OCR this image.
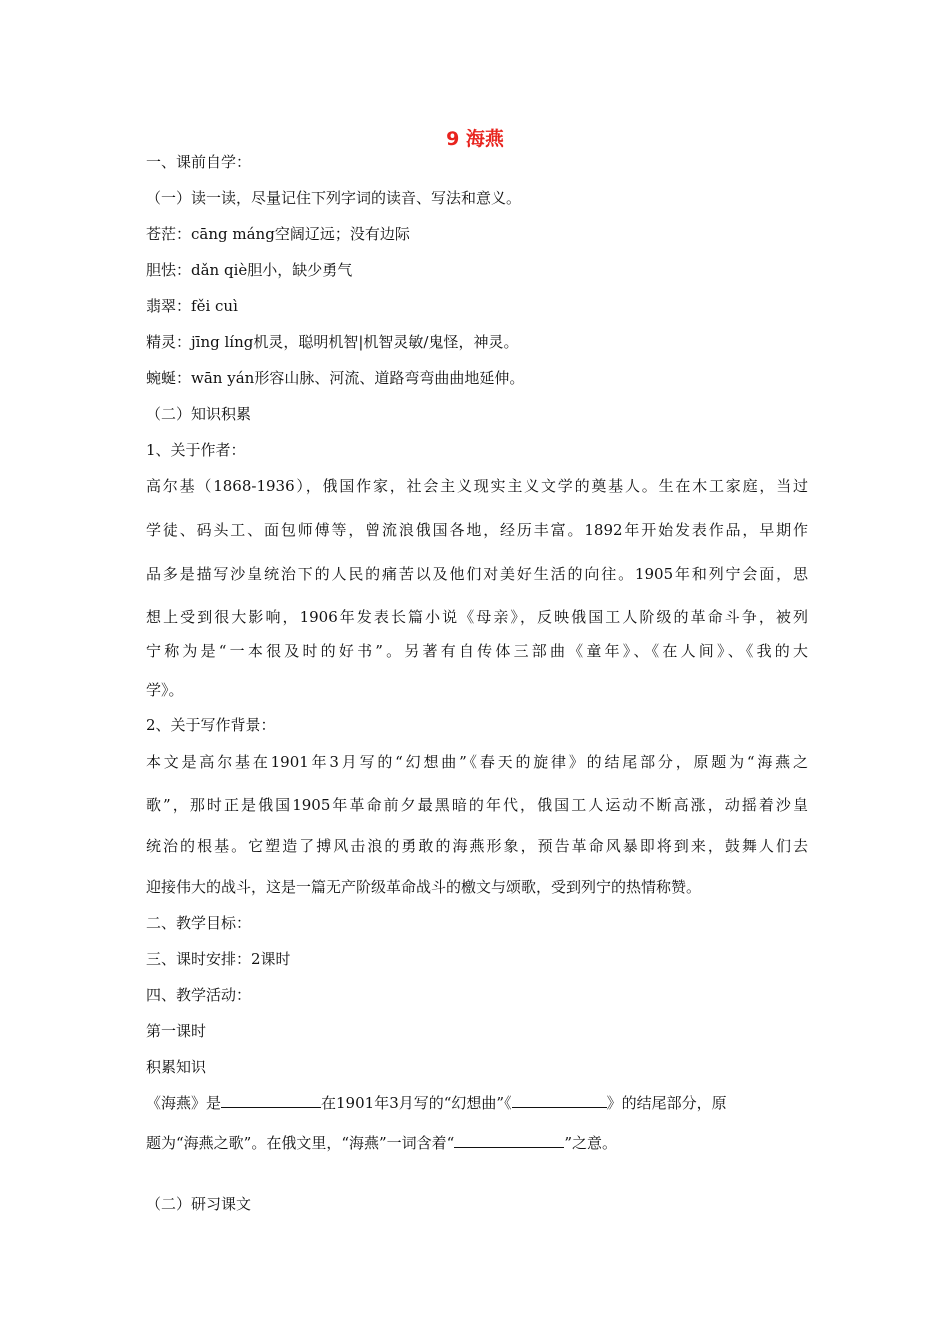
9 海燕
一、课前自学：
（一）读一读，尽量记住下列字词的读音、写法和意义。
苍茫：cāng máng空阔辽远；没有边际
胆怯：dǎn qiè胆小，缺少勇气
翡翠：fěi cuì
精灵：jīng líng机灵，聪明机智|机智灵敏/鬼怪，神灵。
蜿蜒：wān yán形容山脉、河流、道路弯弯曲曲地延伸。
（二）知识积累
1、关于作者：
高尔基（1868-1936），俄国作家，社会主义现实主义文学的奠基人。生在木工家庭，当过
学徒、码头工、面包师傅等，曾流浪俄国各地，经历丰富。1892年开始发表作品，早期作
品多是描写沙皇统治下的人民的痛苦以及他们对美好生活的向往。1905年和列宁会面，思
想上受到很大影响，1906年发表长篇小说《母亲》，反映俄国工人阶级的革命斗争，被列
宁称为是“一本很及时的好书”。另著有自传体三部曲《童年》、《在人间》、《我的大
学》。
2、关于写作背景：
本文是高尔基在1901年3月写的“幻想曲”《春天的旋律》的结尾部分，原题为“海燕之
歌”，那时正是俄国1905年革命前夕最黑暗的年代，俄国工人运动不断高涨，动摇着沙皇
统治的根基。它塑造了搏风击浪的勇敢的海燕形象，预告革命风暴即将到来，鼓舞人们去
迎接伟大的战斗，这是一篇无产阶级革命战斗的檄文与颂歌，受到列宁的热情称赞。
二、教学目标：
三、课时安排：2课时
四、教学活动：
第一课时
积累知识
《海燕》是	在1901年3月写的“幻想曲”《	》的结尾部分，原
题为“海燕之歌”。在俄文里，“海燕”一词含着“	”之意。
（二）研习课文
